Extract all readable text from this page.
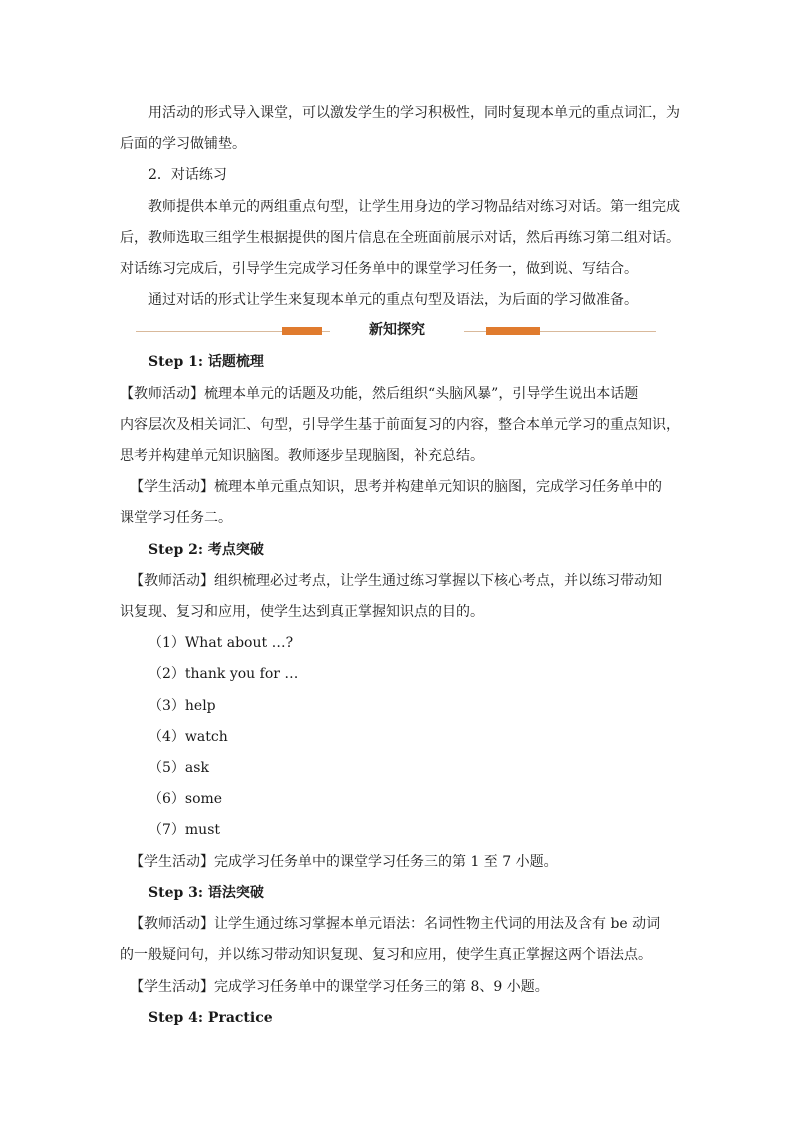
用活动的形式导入课堂，可以激发学生的学习积极性，同时复现本单元的重点词汇，为
后面的学习做铺垫。
2．对话练习
教师提供本单元的两组重点句型，让学生用身边的学习物品结对练习对话。第一组完成
后，教师选取三组学生根据提供的图片信息在全班面前展示对话，然后再练习第二组对话。
对话练习完成后，引导学生完成学习任务单中的课堂学习任务一，做到说、写结合。
通过对话的形式让学生来复现本单元的重点句型及语法，为后面的学习做准备。
新知探究
Step 1: 话题梳理
【教师活动】梳理本单元的话题及功能，然后组织“头脑风暴”，引导学生说出本话题
内容层次及相关词汇、句型，引导学生基于前面复习的内容，整合本单元学习的重点知识，
思考并构建单元知识脑图。教师逐步呈现脑图，补充总结。
【学生活动】梳理本单元重点知识，思考并构建单元知识的脑图，完成学习任务单中的
课堂学习任务二。
Step 2: 考点突破
【教师活动】组织梳理必过考点，让学生通过练习掌握以下核心考点，并以练习带动知
识复现、复习和应用，使学生达到真正掌握知识点的目的。
（1）What about …?
（2）thank you for …
（3）help
（4）watch
（5）ask
（6）some
（7）must
【学生活动】完成学习任务单中的课堂学习任务三的第 1 至 7 小题。
Step 3: 语法突破
【教师活动】让学生通过练习掌握本单元语法：名词性物主代词的用法及含有 be 动词
的一般疑问句，并以练习带动知识复现、复习和应用，使学生真正掌握这两个语法点。
【学生活动】完成学习任务单中的课堂学习任务三的第 8、9 小题。
Step 4: Practice
